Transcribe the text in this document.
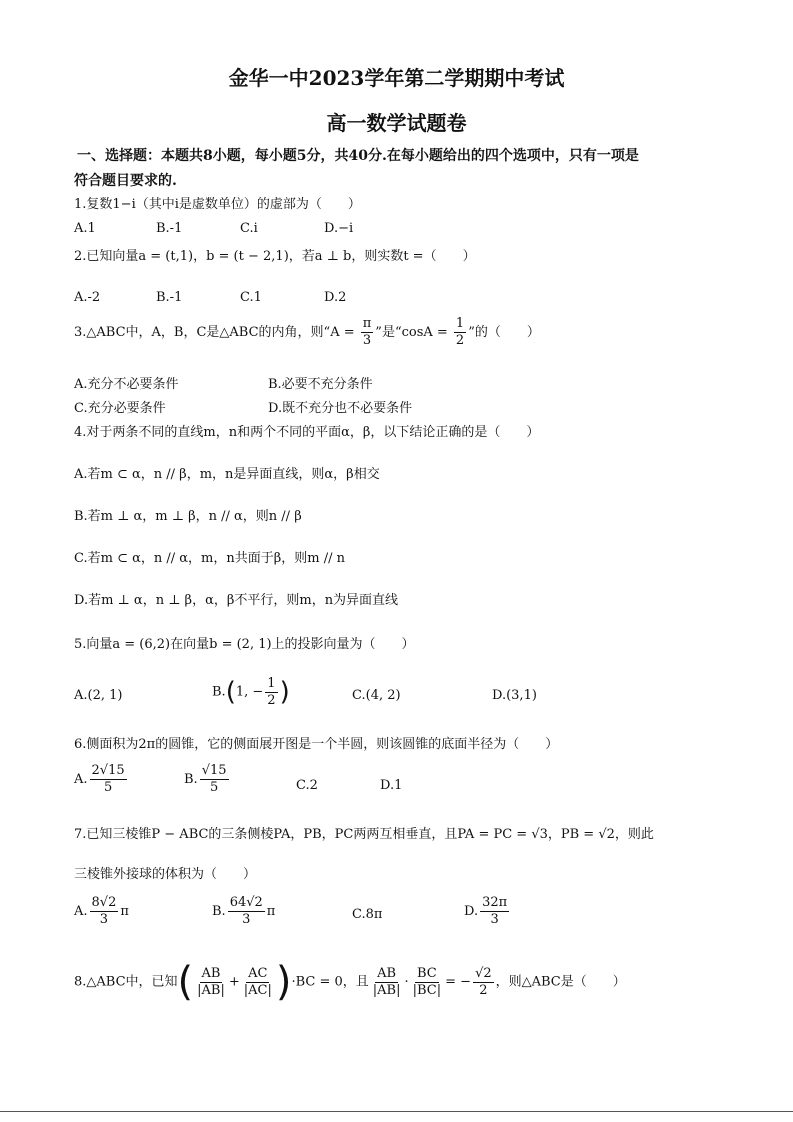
金华一中2023学年第二学期期中考试
高一数学试题卷
一、选择题：本题共8小题，每小题5分，共40分.在每小题给出的四个选项中，只有一项是
符合题目要求的.
1.复数1−i（其中i是虚数单位）的虚部为（　　）
A.1	B.-1	C.i	D.−i
2.已知向量a = (t,1)，b = (t − 2,1)，若a ⊥ b，则实数t =（　　）
A.-2	B.-1	C.1	D.2
3.△ABC中，A，B，C是△ABC的内角，则“$A = \frac{\pi}{3}$ ”是“$\cos A = \frac{1}{2}$ ”的（　　）
A.充分不必要条件	B.必要不充分条件
C.充分必要条件	D.既不充分也不必要条件
4.对于两条不同的直线m，n和两个不同的平面α，β，以下结论正确的是（　　）
A.若m ⊂ α，n // β，m，n是异面直线，则α，β相交
B.若m ⊥ α，m ⊥ β，n // α，则n // β
C.若m ⊂ α，n // α，m，n共面于β，则m // n
D.若m ⊥ α，n ⊥ β，α，β不平行，则m，n为异面直线
5.向量a = (6,2)在向量b = (2, 1)上的投影向量为（　　）
A.(2, 1)	B.(1, − $\frac{1}{2}$ )	C.(4, 2)	D.(3,1)
6.侧面积为2π的圆锥，它的侧面展开图是一个半圆，则该圆锥的底面半径为（　　）
A. $\frac{2√15}{5}$	B. $\frac{√15}{5}$	C.2	D.1
7.已知三棱锥P − ABC的三条侧棱PA，PB，PC两两互相垂直，且PA = PC = √3，PB = √2，则此
三棱锥外接球的体积为（　　）
A. $\frac{8√2}{3}$ π	B. $\frac{64√2}{3}$ π	C.8π	D. $\frac{32\pi}{3}$
8.△ABC中，已知( $\frac{AB}{|AB|} + \frac{AC}{|AC|} )\cdot BC = 0$，且 $\frac{AB}{|AB|} \cdot \frac{BC}{|BC|}$ = − $\frac{√2}{2}$ ，则△ABC是（　　）
